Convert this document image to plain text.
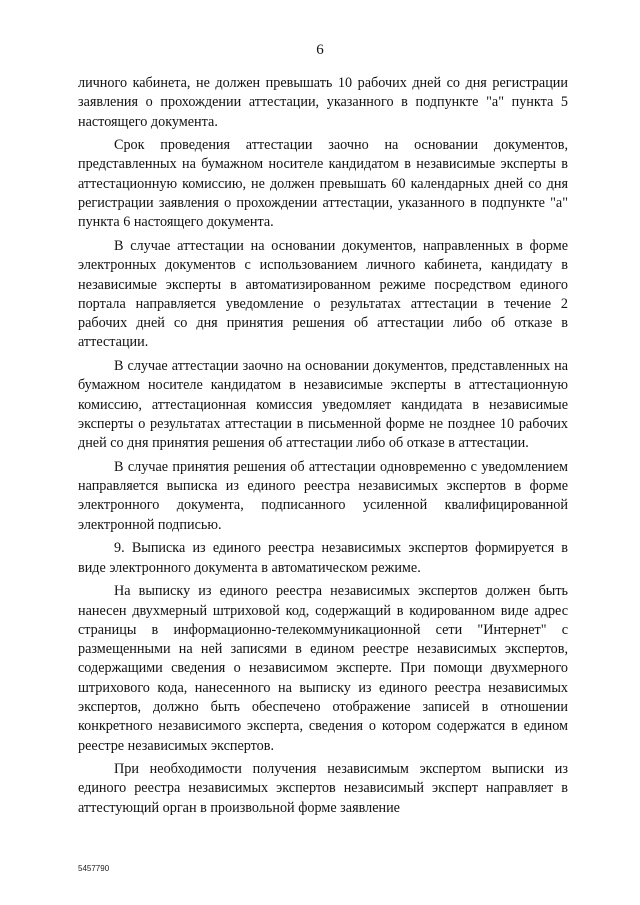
6

личного кабинета, не должен превышать 10 рабочих дней со дня регистрации заявления о прохождении аттестации, указанного в подпункте "а" пункта 5 настоящего документа.

Срок проведения аттестации заочно на основании документов, представленных на бумажном носителе кандидатом в независимые эксперты в аттестационную комиссию, не должен превышать 60 календарных дней со дня регистрации заявления о прохождении аттестации, указанного в подпункте "а" пункта 6 настоящего документа.

В случае аттестации на основании документов, направленных в форме электронных документов с использованием личного кабинета, кандидату в независимые эксперты в автоматизированном режиме посредством единого портала направляется уведомление о результатах аттестации в течение 2 рабочих дней со дня принятия решения об аттестации либо об отказе в аттестации.

В случае аттестации заочно на основании документов, представленных на бумажном носителе кандидатом в независимые эксперты в аттестационную комиссию, аттестационная комиссия уведомляет кандидата в независимые эксперты о результатах аттестации в письменной форме не позднее 10 рабочих дней со дня принятия решения об аттестации либо об отказе в аттестации.

В случае принятия решения об аттестации одновременно с уведомлением направляется выписка из единого реестра независимых экспертов в форме электронного документа, подписанного усиленной квалифицированной электронной подписью.

9. Выписка из единого реестра независимых экспертов формируется в виде электронного документа в автоматическом режиме.

На выписку из единого реестра независимых экспертов должен быть нанесен двухмерный штриховой код, содержащий в кодированном виде адрес страницы в информационно-телекоммуникационной сети "Интернет" с размещенными на ней записями в едином реестре независимых экспертов, содержащими сведения о независимом эксперте. При помощи двухмерного штрихового кода, нанесенного на выписку из единого реестра независимых экспертов, должно быть обеспечено отображение записей в отношении конкретного независимого эксперта, сведения о котором содержатся в едином реестре независимых экспертов.

При необходимости получения независимым экспертом выписки из единого реестра независимых экспертов независимый эксперт направляет в аттестующий орган в произвольной форме заявление

5457790
